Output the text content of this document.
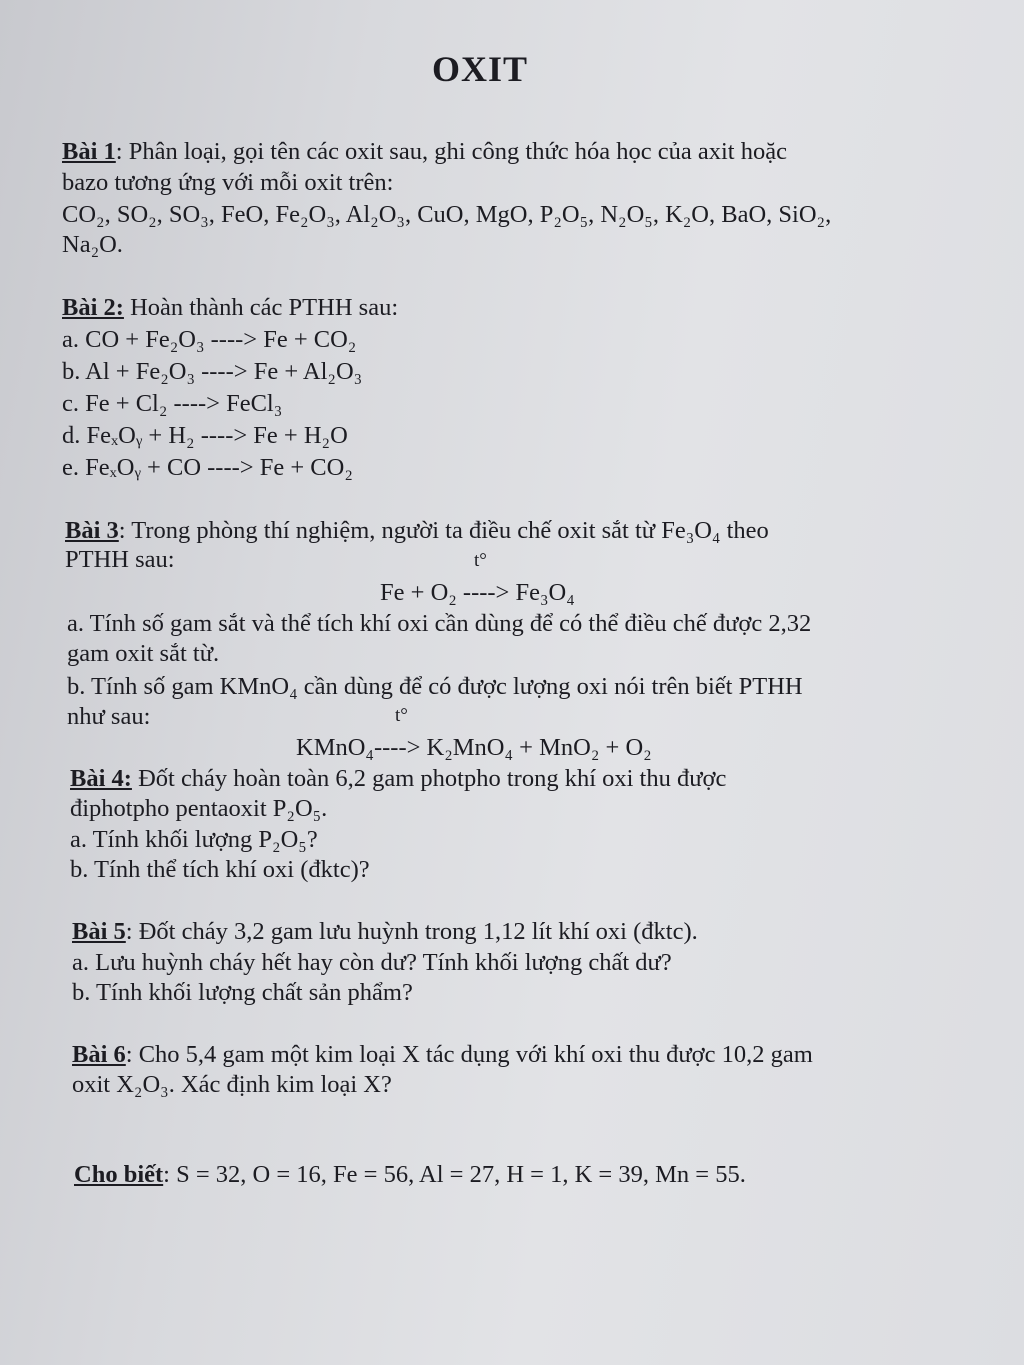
OXIT
Bài 1: Phân loại, gọi tên các oxit sau, ghi công thức hóa học của axit hoặc
bazo tương ứng với mỗi oxit trên:
CO₂, SO₂, SO₃, FeO, Fe₂O₃, Al₂O₃, CuO, MgO, P₂O₅, N₂O₅, K₂O, BaO, SiO₂,
Na₂O.
Bài 2: Hoàn thành các PTHH sau:
a. CO + Fe₂O₃ ----> Fe + CO₂
b. Al + Fe₂O₃ ----> Fe + Al₂O₃
c. Fe + Cl₂ ----> FeCl₃
d. FeₓOᵧ + H₂ ----> Fe + H₂O
e. FeₓOᵧ + CO ----> Fe + CO₂
Bài 3: Trong phòng thí nghiệm, người ta điều chế oxit sắt từ Fe₃O₄ theo
PTHH sau:	t°
Fe + O₂ ----> Fe₃O₄
a. Tính số gam sắt và thể tích khí oxi cần dùng để có thể điều chế được 2,32
gam oxit sắt từ.
b. Tính số gam KMnO₄ cần dùng để có được lượng oxi nói trên biết PTHH
như sau:	t°
KMnO₄----> K₂MnO₄ + MnO₂ + O₂
Bài 4: Đốt cháy hoàn toàn 6,2 gam photpho trong khí oxi thu được
điphotpho pentaoxit P₂O₅.
a. Tính khối lượng P₂O₅?
b. Tính thể tích khí oxi (đktc)?
Bài 5: Đốt cháy 3,2 gam lưu huỳnh trong 1,12 lít khí oxi (đktc).
a. Lưu huỳnh cháy hết hay còn dư? Tính khối lượng chất dư?
b. Tính khối lượng chất sản phẩm?
Bài 6: Cho 5,4 gam một kim loại X tác dụng với khí oxi thu được 10,2 gam
oxit X₂O₃. Xác định kim loại X?
Cho biết: S = 32, O = 16, Fe = 56, Al = 27, H = 1, K = 39, Mn = 55.
